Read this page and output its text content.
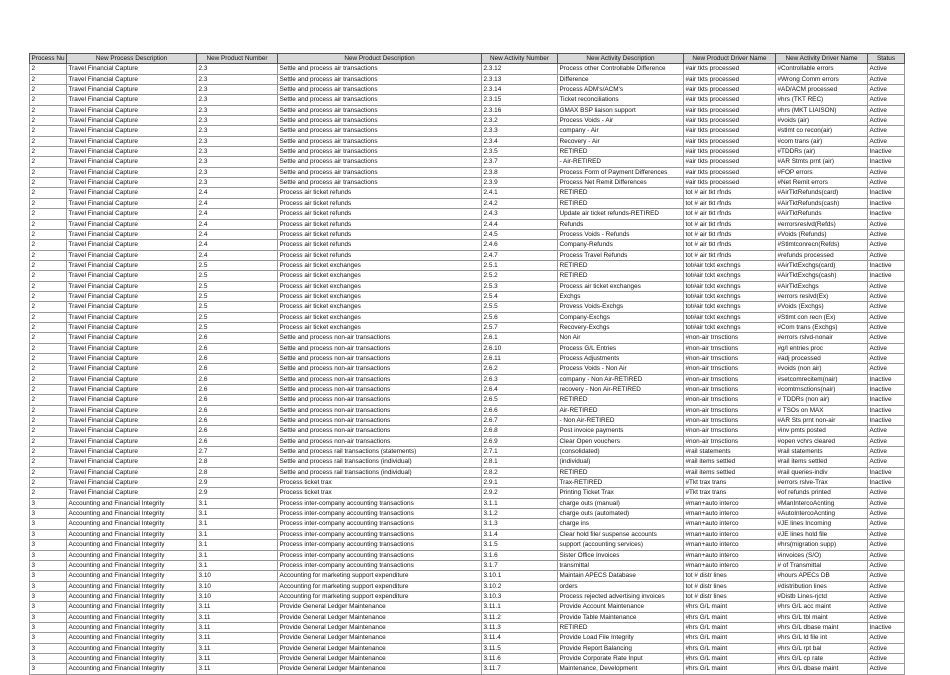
Process Nu	New Process Description	New Product Number	New Product Description	New Activity Number	New Activity Description	New Product Driver Name	New Activity Driver Name	Status
2	Travel Financial Capture	2.3	Settle and process air transactions	2.3.12	Process other Controllable Difference	#air tkts processed	#Controllable errors	Active
2	Travel Financial Capture	2.3	Settle and process air transactions	2.3.13	Difference	#air tkts processed	#Wrong Comm errors	Active
2	Travel Financial Capture	2.3	Settle and process air transactions	2.3.14	Process ADM's/ACM's	#air tkts processed	#AD/ACM processed	Active
2	Travel Financial Capture	2.3	Settle and process air transactions	2.3.15	Ticket reconciliations	#air tkts processed	#hrs (TKT REC)	Active
2	Travel Financial Capture	2.3	Settle and process air transactions	2.3.16	GMAX BSP liaison support	#air tkts processed	#hrs (MKT LIAISON)	Active
2	Travel Financial Capture	2.3	Settle and process air transactions	2.3.2	Process Voids - Air	#air tkts processed	#voids (air)	Active
2	Travel Financial Capture	2.3	Settle and process air transactions	2.3.3	company - Air	#air tkts processed	#stlmt co recon(air)	Active
2	Travel Financial Capture	2.3	Settle and process air transactions	2.3.4	Recovery - Air	#air tkts processed	#com trans (air)	Active
2	Travel Financial Capture	2.3	Settle and process air transactions	2.3.5	RETIRED	#air tkts processed	#TDDRs (air)	Inactive
2	Travel Financial Capture	2.3	Settle and process air transactions	2.3.7	- Air-RETIRED	#air tkts processed	#AR Stmts prnt (air)	Inactive
2	Travel Financial Capture	2.3	Settle and process air transactions	2.3.8	Process Form of Payment Differences	#air tkts processed	#FOP errors	Active
2	Travel Financial Capture	2.3	Settle and process air transactions	2.3.9	Process Net Remit Differences	#air tkts processed	#Net Remit errors	Active
2	Travel Financial Capture	2.4	Process air ticket refunds	2.4.1	RETIRED	tot # air tkt rfnds	#AirTktRefunds(card)	Inactive
2	Travel Financial Capture	2.4	Process air ticket refunds	2.4.2	RETIRED	tot # air tkt rfnds	#AirTktRefunds(cash)	Inactive
2	Travel Financial Capture	2.4	Process air ticket refunds	2.4.3	Update air ticket refunds-RETIRED	tot # air tkt rfnds	#AirTktRefunds	Inactive
2	Travel Financial Capture	2.4	Process air ticket refunds	2.4.4	Refunds	tot # air tkt rfnds	#errorsreslvd(Refds)	Active
2	Travel Financial Capture	2.4	Process air ticket refunds	2.4.5	Process Voids - Refunds	tot # air tkt rfnds	#Voids (Refunds)	Active
2	Travel Financial Capture	2.4	Process air ticket refunds	2.4.6	Company-Refunds	tot # air tkt rfnds	#Stlmtconrecn(Refds)	Active
2	Travel Financial Capture	2.4	Process air ticket refunds	2.4.7	Process Travel Refunds	tot # air tkt rfnds	#refunds processed	Active
2	Travel Financial Capture	2.5	Process air ticket exchanges	2.5.1	RETIRED	tot#air tckt exchngs	#AirTktExchgs(card)	Inactive
2	Travel Financial Capture	2.5	Process air ticket exchanges	2.5.2	RETIRED	tot#air tckt exchngs	#AirTktExchgs(cash)	Inactive
2	Travel Financial Capture	2.5	Process air ticket exchanges	2.5.3	Process air ticket exchanges	tot#air tckt exchngs	#AirTktExchgs	Active
2	Travel Financial Capture	2.5	Process air ticket exchanges	2.5.4	Exchgs	tot#air tckt exchngs	#errors reslvd(Ex)	Active
2	Travel Financial Capture	2.5	Process air ticket exchanges	2.5.5	Provess Voids-Exchgs	tot#air tckt exchngs	#Voids (Exchgs)	Active
2	Travel Financial Capture	2.5	Process air ticket exchanges	2.5.6	Company-Exchgs	tot#air tckt exchngs	#Stlmt con recn (Ex)	Active
2	Travel Financial Capture	2.5	Process air ticket exchanges	2.5.7	Recovery-Exchgs	tot#air tckt exchngs	#Com trans (Exchgs)	Active
2	Travel Financial Capture	2.6	Settle and process non-air transactions	2.6.1	Non Air	#non-air trnsctions	#errors rslvd-nonair	Active
2	Travel Financial Capture	2.6	Settle and process non-air transactions	2.6.10	Process G/L Entries	#non-air trnsctions	#g/l entries proc	Active
2	Travel Financial Capture	2.6	Settle and process non-air transactions	2.6.11	Process Adjustments	#non-air trnsctions	#adj processed	Active
2	Travel Financial Capture	2.6	Settle and process non-air transactions	2.6.2	Process Voids - Non Air	#non-air trnsctions	#voids (non air)	Active
2	Travel Financial Capture	2.6	Settle and process non-air transactions	2.6.3	company - Non Air-RETIRED	#non-air trnsctions	#setcomrecitem(nair)	Inactive
2	Travel Financial Capture	2.6	Settle and process non-air transactions	2.6.4	recovery - Non Air-RETIRED	#non-air trnsctions	#comtrnsctions(nair)	Inactive
2	Travel Financial Capture	2.6	Settle and process non-air transactions	2.6.5	RETIRED	#non-air trnsctions	# TDDRs (non air)	Inactive
2	Travel Financial Capture	2.6	Settle and process non-air transactions	2.6.6	Air-RETIRED	#non-air trnsctions	# TSOs on MAX	Inactive
2	Travel Financial Capture	2.6	Settle and process non-air transactions	2.6.7	- Non Air-RETIRED	#non-air trnsctions	#AR Sts prnt non-air	Inactive
2	Travel Financial Capture	2.6	Settle and process non-air transactions	2.6.8	Post invoice payments	#non-air trnsctions	#inv pmts posted	Active
2	Travel Financial Capture	2.6	Settle and process non-air transactions	2.6.9	Clear Open vouchers	#non-air trnsctions	#open vchrs cleared	Active
2	Travel Financial Capture	2.7	Settle and process rail transactions (statements)	2.7.1	(consolidated)	#rail statements	#rail statements	Active
2	Travel Financial Capture	2.8	Settle and process rail transactions (individual)	2.8.1	(individual)	#rail items settled	#rail items settled	Active
2	Travel Financial Capture	2.8	Settle and process rail transactions (individual)	2.8.2	RETIRED	#rail items settled	#rail queries-indiv	Inactive
2	Travel Financial Capture	2.9	Process ticket trax	2.9.1	Trax-RETIRED	#Tkt trax trans	#errors rslve-Trax	Inactive
2	Travel Financial Capture	2.9	Process ticket trax	2.9.2	Printing Ticket Trax	#Tkt trax trans	#of refunds printed	Active
3	Accounting and Financial Integrity	3.1	Process inter-company accounting transactions	3.1.1	charge outs (manual)	#man+auto interco	#ManIntercoAcnting	Active
3	Accounting and Financial Integrity	3.1	Process inter-company accounting transactions	3.1.2	charge outs (automated)	#man+auto interco	#AutoIntercoAcnting	Active
3	Accounting and Financial Integrity	3.1	Process inter-company accounting transactions	3.1.3	charge ins	#man+auto interco	#JE lines Incoming	Active
3	Accounting and Financial Integrity	3.1	Process inter-company accounting transactions	3.1.4	Clear hold file/ suspense accounts	#man+auto interco	#JE lines hold file	Active
3	Accounting and Financial Integrity	3.1	Process inter-company accounting transactions	3.1.5	support (accounting services)	#man+auto interco	#hrs(migration supp)	Active
3	Accounting and Financial Integrity	3.1	Process inter-company accounting transactions	3.1.6	Sister Office Invoices	#man+auto interco	#invoices (S/O)	Active
3	Accounting and Financial Integrity	3.1	Process inter-company accounting transactions	3.1.7	transmittal	#man+auto interco	# of Transmittal	Active
3	Accounting and Financial Integrity	3.10	Accounting for marketing support expenditure	3.10.1	Maintain APECS Database	tot # distr lines	#hours APECs DB	Active
3	Accounting and Financial Integrity	3.10	Accounting for marketing support expenditure	3.10.2	orders	tot # distr lines	#distribution lines	Active
3	Accounting and Financial Integrity	3.10	Accounting for marketing support expenditure	3.10.3	Process rejected advertising invoices	tot # distr lines	#Distb Lines-rjctd	Active
3	Accounting and Financial Integrity	3.11	Provide General Ledger Maintenance	3.11.1	Provide Account Maintenance	#hrs G/L maint	#hrs G/L acc maint	Active
3	Accounting and Financial Integrity	3.11	Provide General Ledger Maintenance	3.11.2	Provide Table Maintenance	#hrs G/L maint	#hrs G/L tbl maint	Active
3	Accounting and Financial Integrity	3.11	Provide General Ledger Maintenance	3.11.3	RETIRED	#hrs G/L maint	#hrs G/L dbase maint	Inactive
3	Accounting and Financial Integrity	3.11	Provide General Ledger Maintenance	3.11.4	Provide Load File Integrity	#hrs G/L maint	#hrs G/L ld file int	Active
3	Accounting and Financial Integrity	3.11	Provide General Ledger Maintenance	3.11.5	Provide Report Balancing	#hrs G/L maint	#hrs G/L rpt bal	Active
3	Accounting and Financial Integrity	3.11	Provide General Ledger Maintenance	3.11.6	Provide Corporate Rate Input	#hrs G/L maint	#hrs G/L cp rate	Active
3	Accounting and Financial Integrity	3.11	Provide General Ledger Maintenance	3.11.7	Maintenance, Development	#hrs G/L maint	#hrs G/L dbase maint	Active
